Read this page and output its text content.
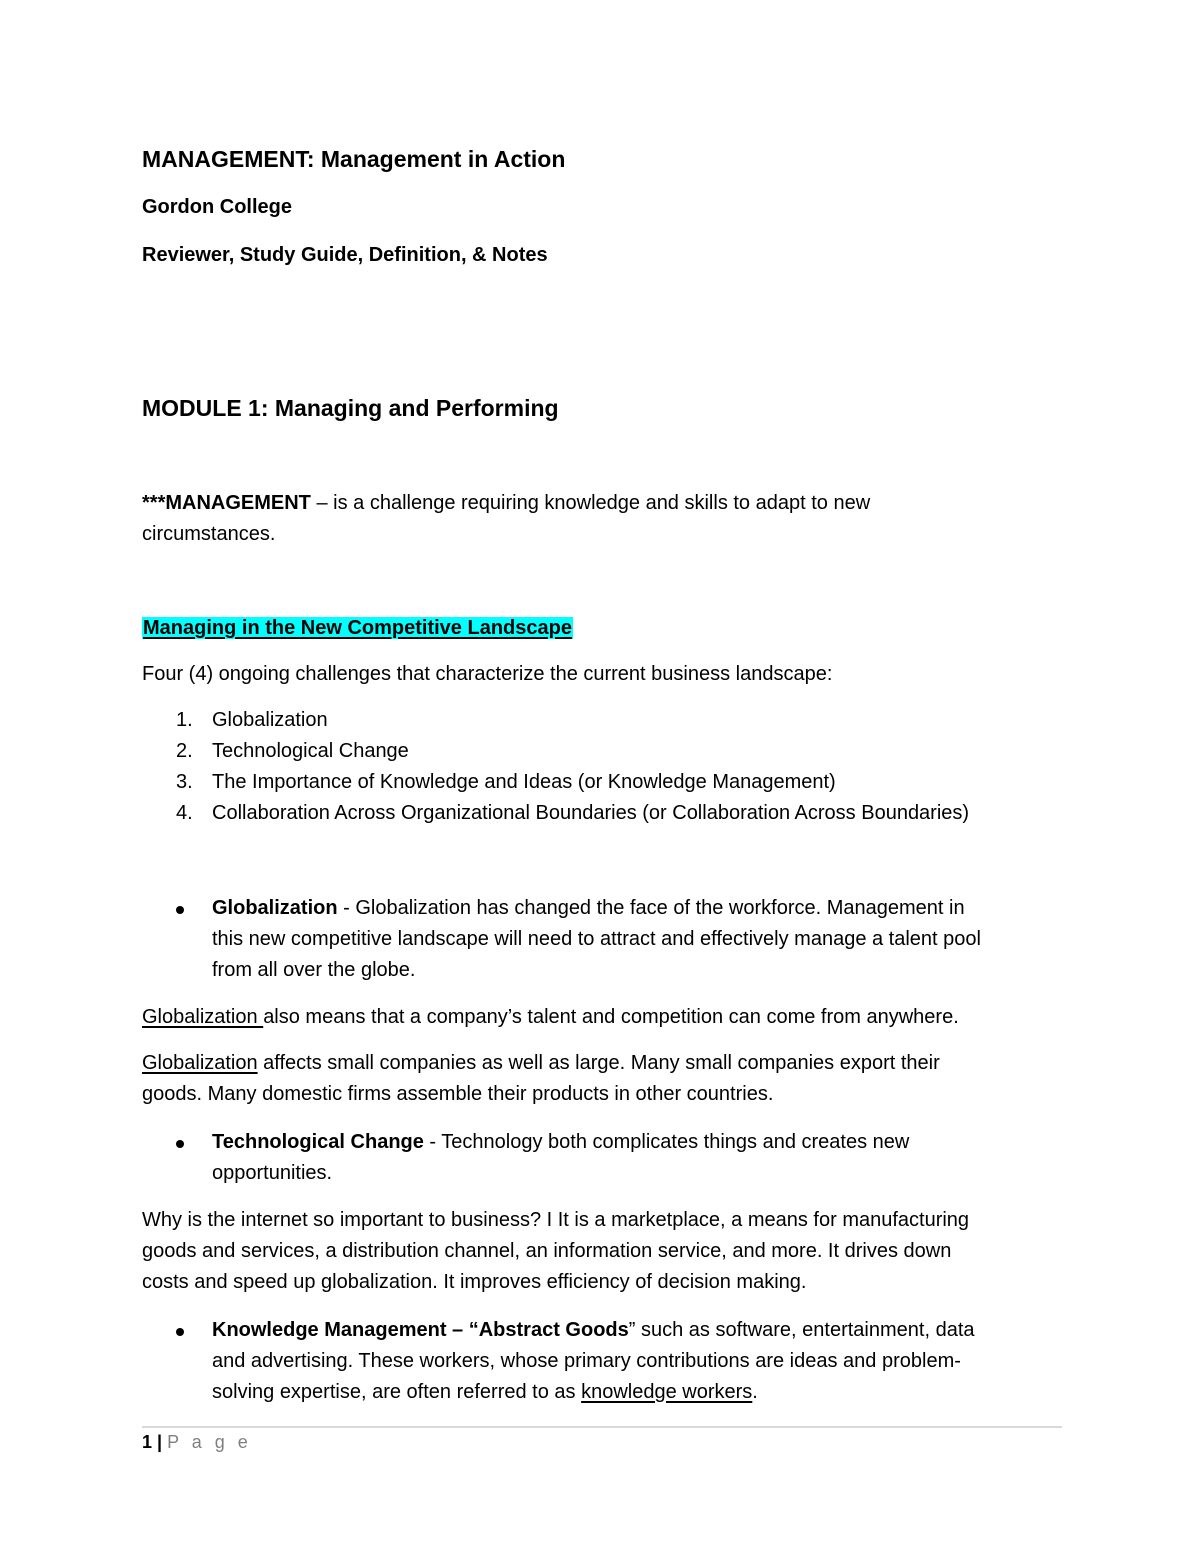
MANAGEMENT: Management in Action
Gordon College
Reviewer, Study Guide, Definition, & Notes
MODULE 1: Managing and Performing
***MANAGEMENT – is a challenge requiring knowledge and skills to adapt to new
circumstances.
Managing in the New Competitive Landscape
Four (4) ongoing challenges that characterize the current business landscape:
1. Globalization
2. Technological Change
3. The Importance of Knowledge and Ideas (or Knowledge Management)
4. Collaboration Across Organizational Boundaries (or Collaboration Across Boundaries)
Globalization - Globalization has changed the face of the workforce. Management in
this new competitive landscape will need to attract and effectively manage a talent pool
from all over the globe.
Globalization also means that a company’s talent and competition can come from anywhere.
Globalization affects small companies as well as large. Many small companies export their
goods. Many domestic firms assemble their products in other countries.
Technological Change - Technology both complicates things and creates new
opportunities.
Why is the internet so important to business? I It is a marketplace, a means for manufacturing
goods and services, a distribution channel, an information service, and more. It drives down
costs and speed up globalization. It improves efficiency of decision making.
Knowledge Management – “Abstract Goods” such as software, entertainment, data
and advertising. These workers, whose primary contributions are ideas and problem-
solving expertise, are often referred to as knowledge workers.
1 | P a g e
